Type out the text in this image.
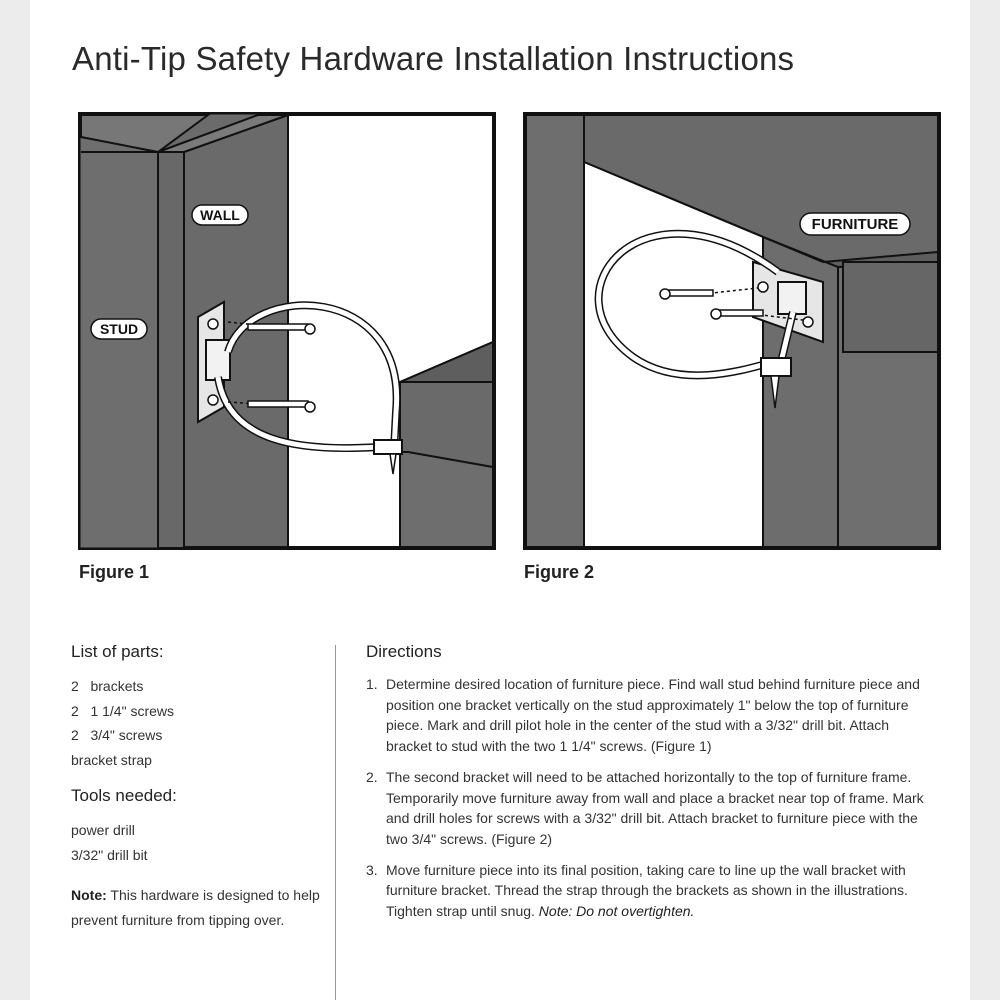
Anti-Tip Safety Hardware Installation Instructions
WALL
STUD
Figure 1
FURNITURE
Figure 2
List of parts:
2   brackets
2   1 1/4" screws
2   3/4" screws
bracket strap
Tools needed:
power drill
3/32" drill bit
Note: This hardware is designed to help prevent furniture from tipping over.
Directions
1. Determine desired location of furniture piece. Find wall stud behind furniture piece and position one bracket vertically on the stud approximately 1" below the top of furniture piece. Mark and drill pilot hole in the center of the stud with a 3/32" drill bit. Attach bracket to stud with the two 1 1/4" screws. (Figure 1)
2. The second bracket will need to be attached horizontally to the top of furniture frame. Temporarily move furniture away from wall and place a bracket near top of frame. Mark and drill holes for screws with a 3/32" drill bit. Attach bracket to furniture piece with the two 3/4" screws. (Figure 2)
3. Move furniture piece into its final position, taking care to line up the wall bracket with furniture bracket. Thread the strap through the brackets as shown in the illustrations. Tighten strap until snug. Note: Do not overtighten.
